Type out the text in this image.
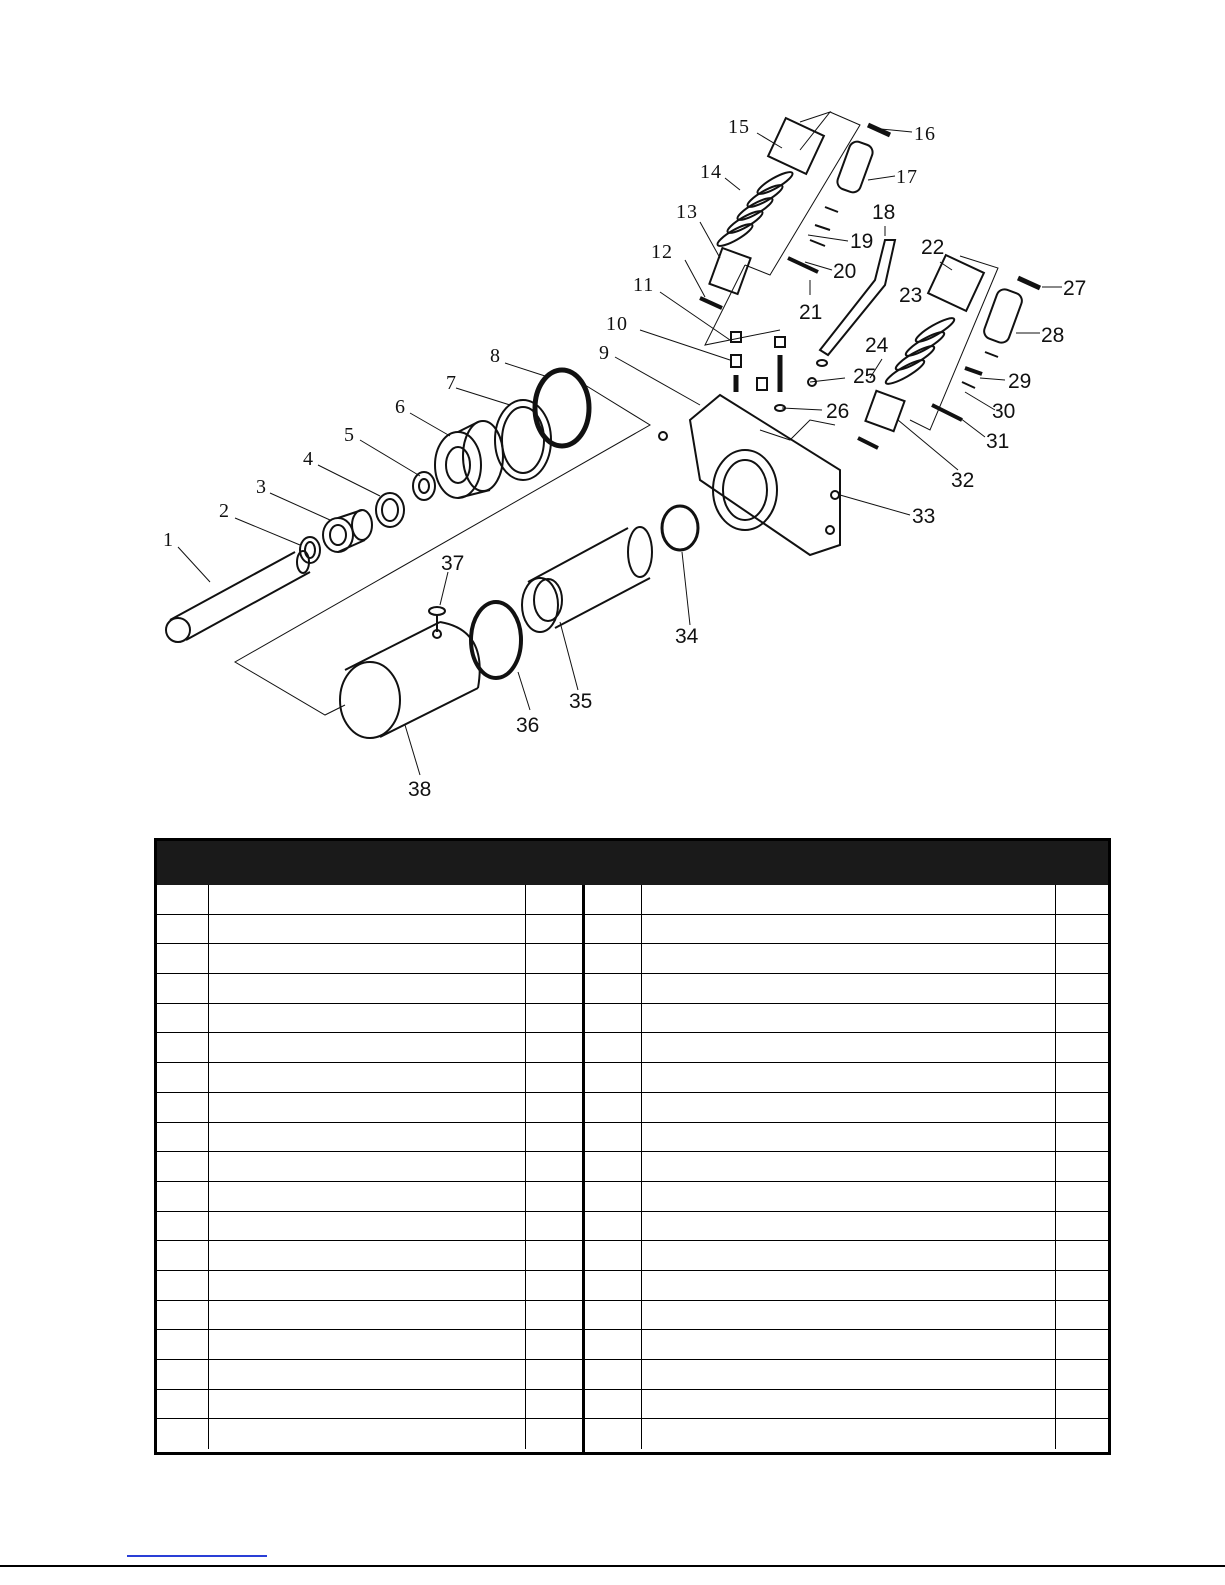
1
2
3
4
5
6
7
8	9
10
11
12
13
14
15	16
17
18
19
20
21
22
23
24
25
26
27
28
29
30
31
32
33
34
35
36
37
38
